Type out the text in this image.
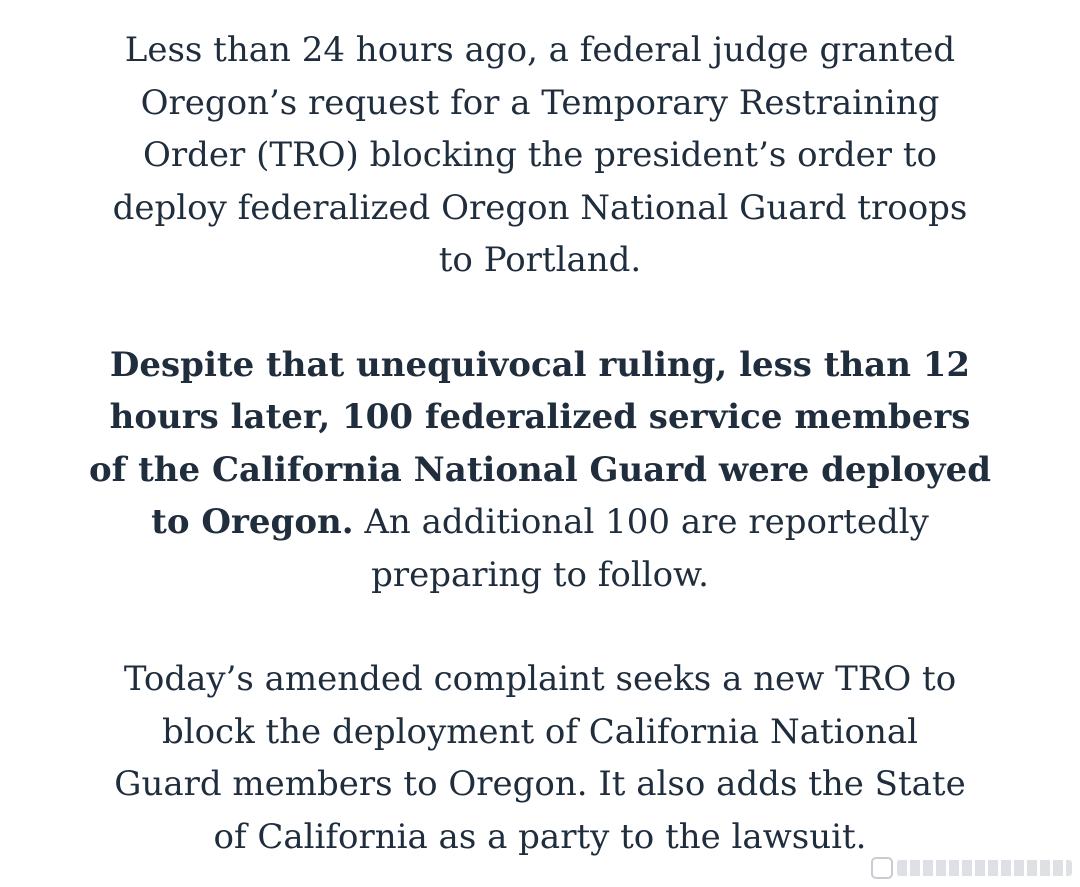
Less than 24 hours ago, a federal judge granted
Oregon’s request for a Temporary Restraining
Order (TRO) blocking the president’s order to
deploy federalized Oregon National Guard troops
to Portland.

Despite that unequivocal ruling, less than 12
hours later, 100 federalized service members
of the California National Guard were deployed
to Oregon. An additional 100 are reportedly
preparing to follow.

Today’s amended complaint seeks a new TRO to
block the deployment of California National
Guard members to Oregon. It also adds the State
of California as a party to the lawsuit.
